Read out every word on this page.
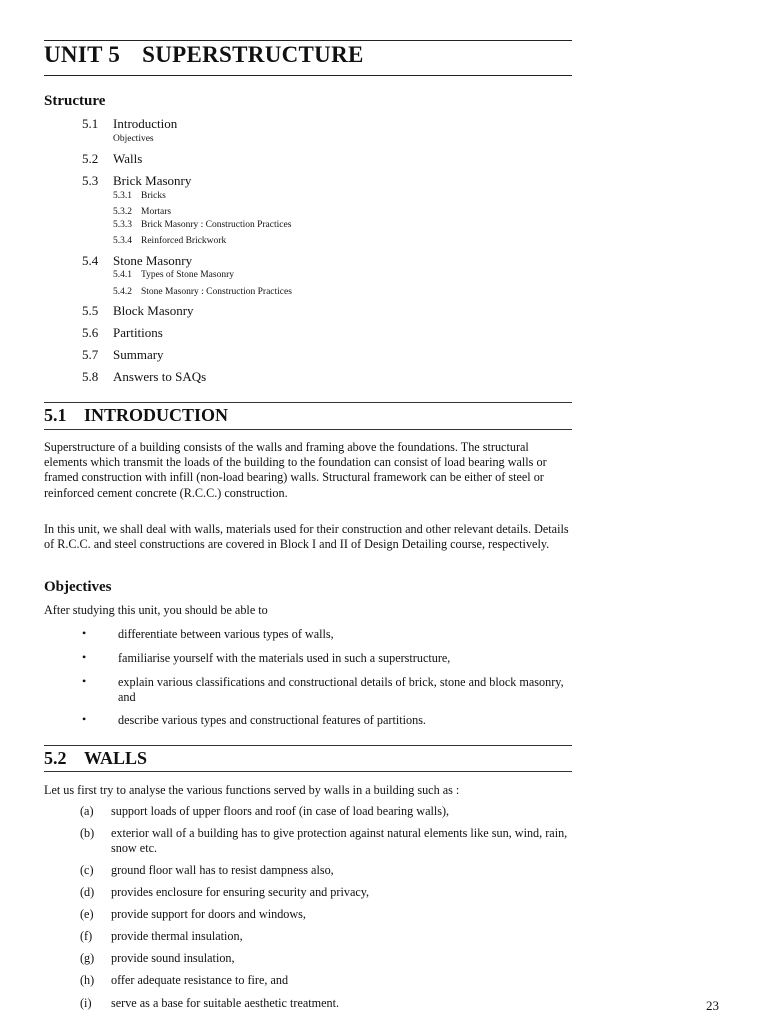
UNIT 5 SUPERSTRUCTURE
Structure
5.1 Introduction
Objectives
5.2 Walls
5.3 Brick Masonry
5.3.1 Bricks
5.3.2 Mortars
5.3.3 Brick Masonry : Construction Practices
5.3.4 Reinforced Brickwork
5.4 Stone Masonry
5.4.1 Types of Stone Masonry
5.4.2 Stone Masonry : Construction Practices
5.5 Block Masonry
5.6 Partitions
5.7 Summary
5.8 Answers to SAQs
5.1 INTRODUCTION
Superstructure of a building consists of the walls and framing above the foundations. The structural elements which transmit the loads of the building to the foundation can consist of load bearing walls or framed construction with infill (non-load bearing) walls. Structural framework can be either of steel or reinforced cement concrete (R.C.C.) construction.
In this unit, we shall deal with walls, materials used for their construction and other relevant details. Details of R.C.C. and steel constructions are covered in Block I and II of Design Detailing course, respectively.
Objectives
After studying this unit, you should be able to
•	differentiate between various types of walls,
•	familiarise yourself with the materials used in such a superstructure,
•	explain various classifications and constructional details of brick, stone and block masonry, and
•	describe various types and constructional features of partitions.
5.2 WALLS
Let us first try to analyse the various functions served by walls in a building such as :
(a) support loads of upper floors and roof (in case of load bearing walls),
(b) exterior wall of a building has to give protection against natural elements like sun, wind, rain, snow etc.
(c) ground floor wall has to resist dampness also,
(d) provides enclosure for ensuring security and privacy,
(e) provide support for doors and windows,
(f) provide thermal insulation,
(g) provide sound insulation,
(h) offer adequate resistance to fire, and
(i) serve as a base for suitable aesthetic treatment.	23
